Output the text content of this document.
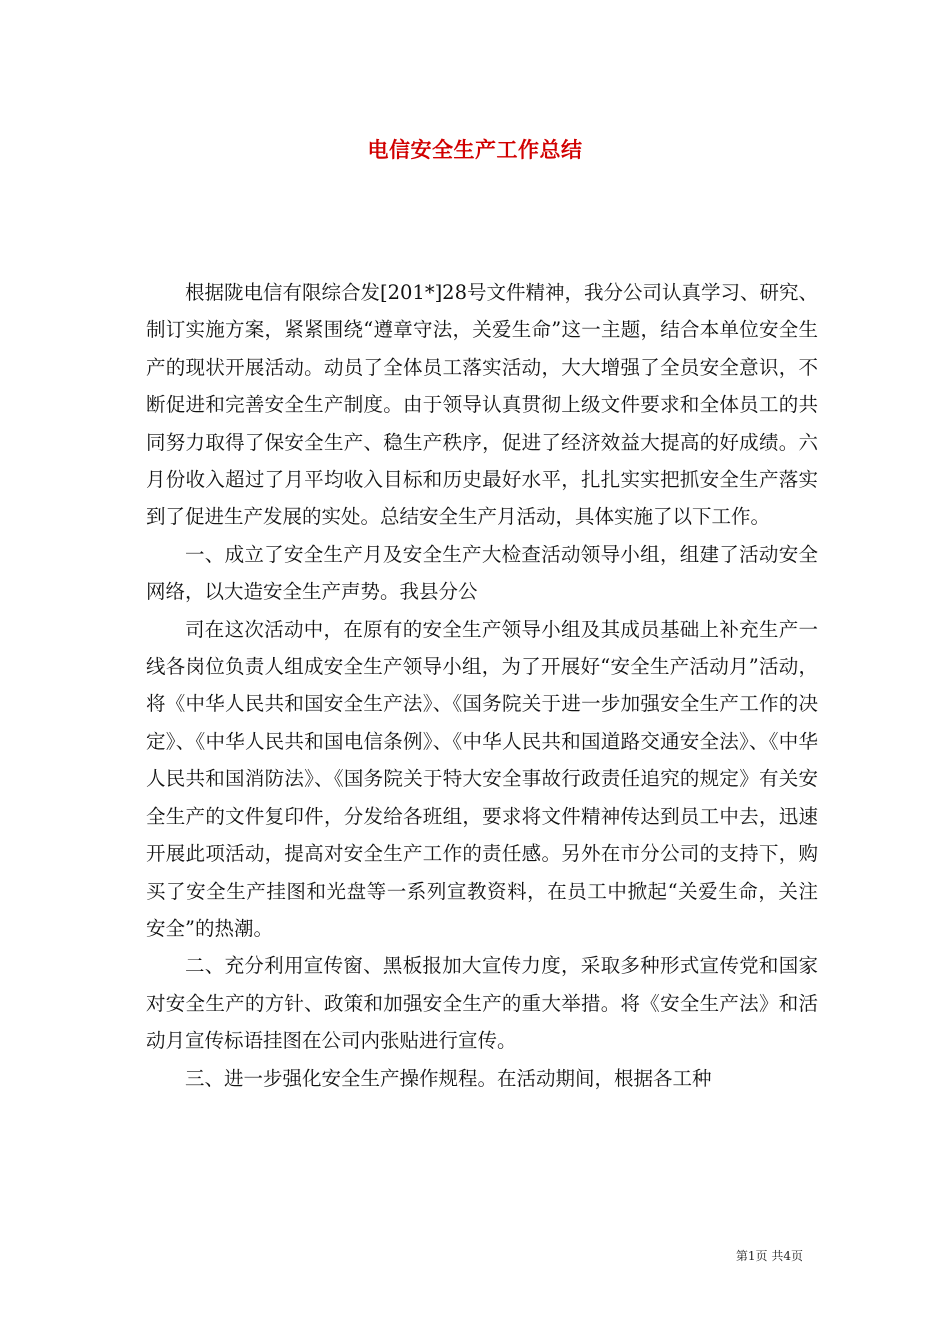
电信安全生产工作总结

根据陇电信有限综合发[201*]28号文件精神，我分公司认真学习、研究、制订实施方案，紧紧围绕“遵章守法，关爱生命”这一主题，结合本单位安全生产的现状开展活动。动员了全体员工落实活动，大大增强了全员安全意识，不断促进和完善安全生产制度。由于领导认真贯彻上级文件要求和全体员工的共同努力取得了保安全生产、稳生产秩序，促进了经济效益大提高的好成绩。六月份收入超过了月平均收入目标和历史最好水平，扎扎实实把抓安全生产落实到了促进生产发展的实处。总结安全生产月活动，具体实施了以下工作。

一、成立了安全生产月及安全生产大检查活动领导小组，组建了活动安全网络，以大造安全生产声势。我县分公

司在这次活动中，在原有的安全生产领导小组及其成员基础上补充生产一线各岗位负责人组成安全生产领导小组，为了开展好“安全生产活动月”活动，将《中华人民共和国安全生产法》、《国务院关于进一步加强安全生产工作的决定》、《中华人民共和国电信条例》、《中华人民共和国道路交通安全法》、《中华人民共和国消防法》、《国务院关于特大安全事故行政责任追究的规定》有关安全生产的文件复印件，分发给各班组，要求将文件精神传达到员工中去，迅速开展此项活动，提高对安全生产工作的责任感。另外在市分公司的支持下，购买了安全生产挂图和光盘等一系列宣教资料，在员工中掀起“关爱生命，关注安全”的热潮。

二、充分利用宣传窗、黑板报加大宣传力度，采取多种形式宣传党和国家对安全生产的方针、政策和加强安全生产的重大举措。将《安全生产法》和活动月宣传标语挂图在公司内张贴进行宣传。

三、进一步强化安全生产操作规程。在活动期间，根据各工种

第1页 共4页
